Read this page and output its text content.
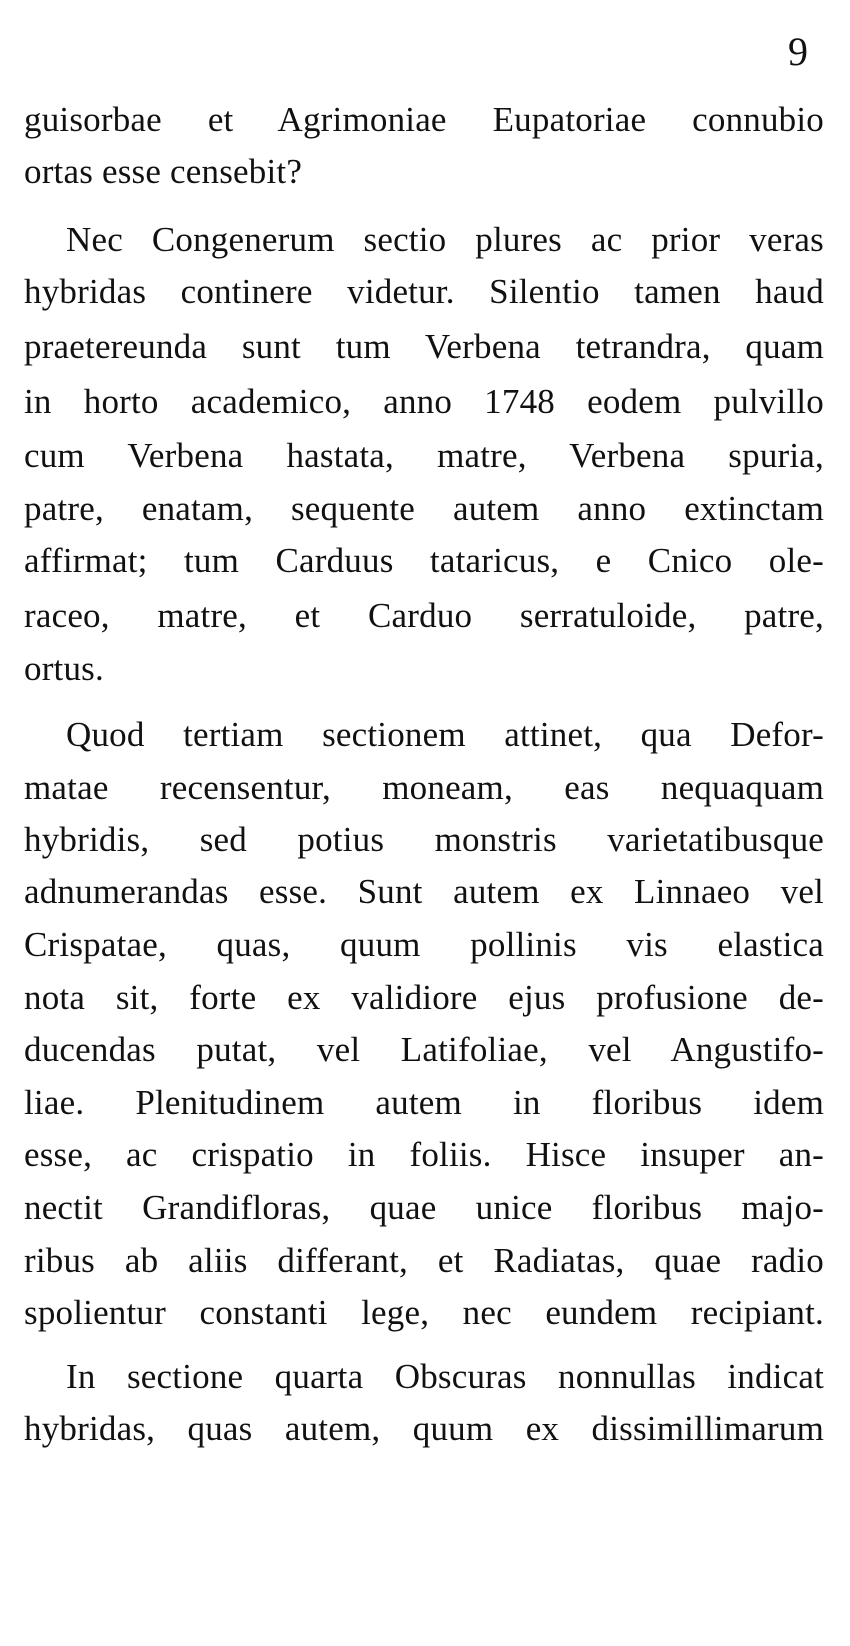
9
guisorbae et Agrimoniae Eupatoriae connubio
ortas esse censebit?
Nec Congenerum sectio plures ac prior veras
hybridas continere videtur. Silentio tamen haud
praetereunda sunt tum Verbena tetrandra, quam
in horto academico, anno 1748 eodem pulvillo
cum Verbena hastata, matre, Verbena spuria,
patre, enatam, sequente autem anno extinctam
affirmat; tum Carduus tataricus, e Cnico ole-
raceo, matre, et Carduo serratuloide, patre,
ortus.
Quod tertiam sectionem attinet, qua Defor-
matae recensentur, moneam, eas nequaquam
hybridis, sed potius monstris varietatibusque
adnumerandas esse. Sunt autem ex Linnaeo vel
Crispatae, quas, quum pollinis vis elastica
nota sit, forte ex validiore ejus profusione de-
ducendas putat, vel Latifoliae, vel Angustifo-
liae. Plenitudinem autem in floribus idem
esse, ac crispatio in foliis. Hisce insuper an-
nectit Grandifloras, quae unice floribus majo-
ribus ab aliis differant, et Radiatas, quae radio
spolientur constanti lege, nec eundem recipiant.
In sectione quarta Obscuras nonnullas indicat
hybridas, quas autem, quum ex dissimillimarum
